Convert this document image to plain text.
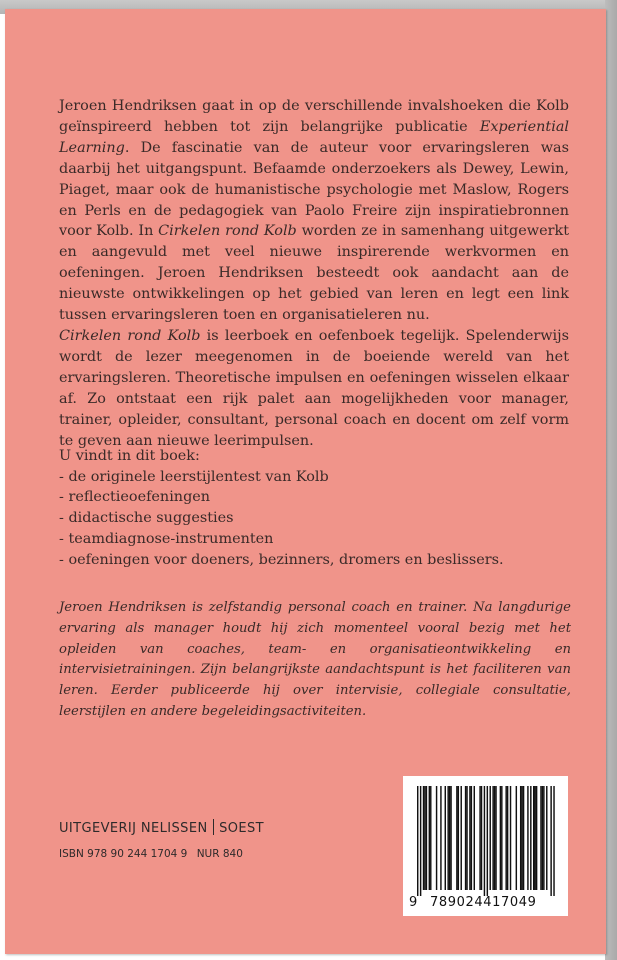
Jeroen Hendriksen gaat in op de verschillende invalshoeken die Kolb geïnspireerd hebben tot zijn belangrijke publicatie Experiential Learning. De fascinatie van de auteur voor ervaringsleren was daarbij het uitgangspunt. Befaamde onderzoekers als Dewey, Lewin, Piaget, maar ook de humanistische psychologie met Maslow, Rogers en Perls en de pedagogiek van Paolo Freire zijn inspiratiebronnen voor Kolb. In Cirkelen rond Kolb worden ze in samenhang uitgewerkt en aangevuld met veel nieuwe inspirerende werkvormen en oefeningen. Jeroen Hendriksen besteedt ook aandacht aan de nieuwste ontwikkelingen op het gebied van leren en legt een link tussen ervaringsleren toen en organisatieleren nu.

Cirkelen rond Kolb is leerboek en oefenboek tegelijk. Spelenderwijs wordt de lezer meegenomen in de boeiende wereld van het ervaringsleren. Theoretische impulsen en oefeningen wisselen elkaar af. Zo ontstaat een rijk palet aan mogelijkheden voor manager, trainer, opleider, consultant, personal coach en docent om zelf vorm te geven aan nieuwe leerimpulsen.

U vindt in dit boek:
- de originele leerstijlentest van Kolb
- reflectieoefeningen
- didactische suggesties
- teamdiagnose-instrumenten
- oefeningen voor doeners, bezinners, dromers en beslissers.
Jeroen Hendriksen is zelfstandig personal coach en trainer. Na langdurige ervaring als manager houdt hij zich momenteel vooral bezig met het opleiden van coaches, team- en organisatieontwikkeling en intervisietrainingen. Zijn belangrijkste aandachtspunt is het faciliteren van leren. Eerder publiceerde hij over intervisie, collegiale consultatie, leerstijlen en andere begeleidingsactiviteiten.
UITGEVERIJ NELISSEN SOEST
ISBN 978 90 244 1704 9 NUR 840
9 789024417049
